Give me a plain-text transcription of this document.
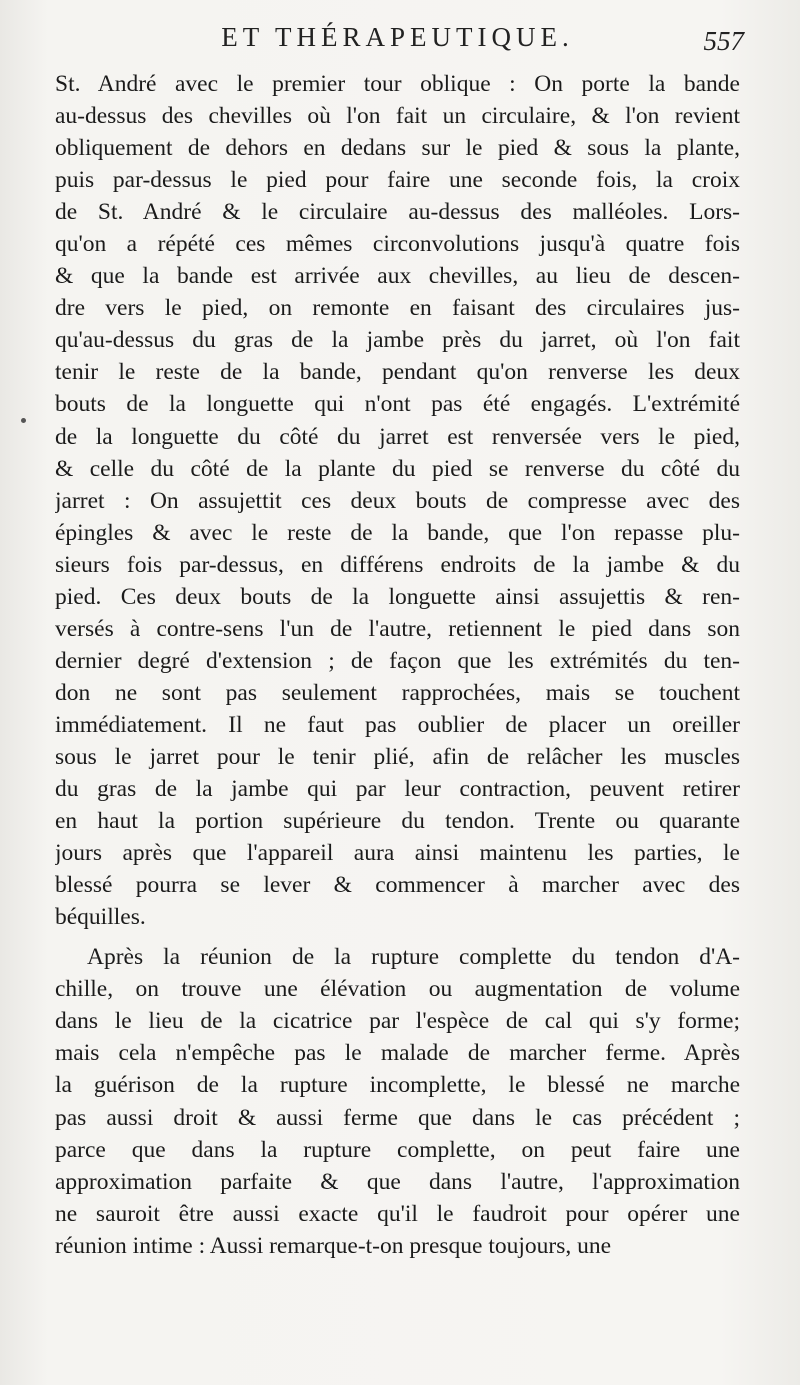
ET THÉRAPEUTIQUE.	557
St. André avec le premier tour oblique : On porte la bande
au-dessus des chevilles où l'on fait un circulaire, & l'on revient
obliquement de dehors en dedans sur le pied & sous la plante,
puis par-dessus le pied pour faire une seconde fois, la croix
de St. André & le circulaire au-dessus des malléoles. Lors-
qu'on a répété ces mêmes circonvolutions jusqu'à quatre fois
& que la bande est arrivée aux chevilles, au lieu de descen-
dre vers le pied, on remonte en faisant des circulaires jus-
qu'au-dessus du gras de la jambe près du jarret, où l'on fait
tenir le reste de la bande, pendant qu'on renverse les deux
bouts de la longuette qui n'ont pas été engagés. L'extrémité
de la longuette du côté du jarret est renversée vers le pied,
& celle du côté de la plante du pied se renverse du côté du
jarret : On assujettit ces deux bouts de compresse avec des
épingles & avec le reste de la bande, que l'on repasse plu-
sieurs fois par-dessus, en différens endroits de la jambe & du
pied. Ces deux bouts de la longuette ainsi assujettis & ren-
versés à contre-sens l'un de l'autre, retiennent le pied dans son
dernier degré d'extension ; de façon que les extrémités du ten-
don ne sont pas seulement rapprochées, mais se touchent
immédiatement. Il ne faut pas oublier de placer un oreiller
sous le jarret pour le tenir plié, afin de relâcher les muscles
du gras de la jambe qui par leur contraction, peuvent retirer
en haut la portion supérieure du tendon. Trente ou quarante
jours après que l'appareil aura ainsi maintenu les parties, le
blessé pourra se lever & commencer à marcher avec des
béquilles.
Après la réunion de la rupture complette du tendon d'A-
chille, on trouve une élévation ou augmentation de volume
dans le lieu de la cicatrice par l'espèce de cal qui s'y forme;
mais cela n'empêche pas le malade de marcher ferme. Après
la guérison de la rupture incomplette, le blessé ne marche
pas aussi droit & aussi ferme que dans le cas précédent ;
parce que dans la rupture complette, on peut faire une
approximation parfaite & que dans l'autre, l'approximation
ne sauroit être aussi exacte qu'il le faudroit pour opérer une
réunion intime : Aussi remarque-t-on presque toujours, une
